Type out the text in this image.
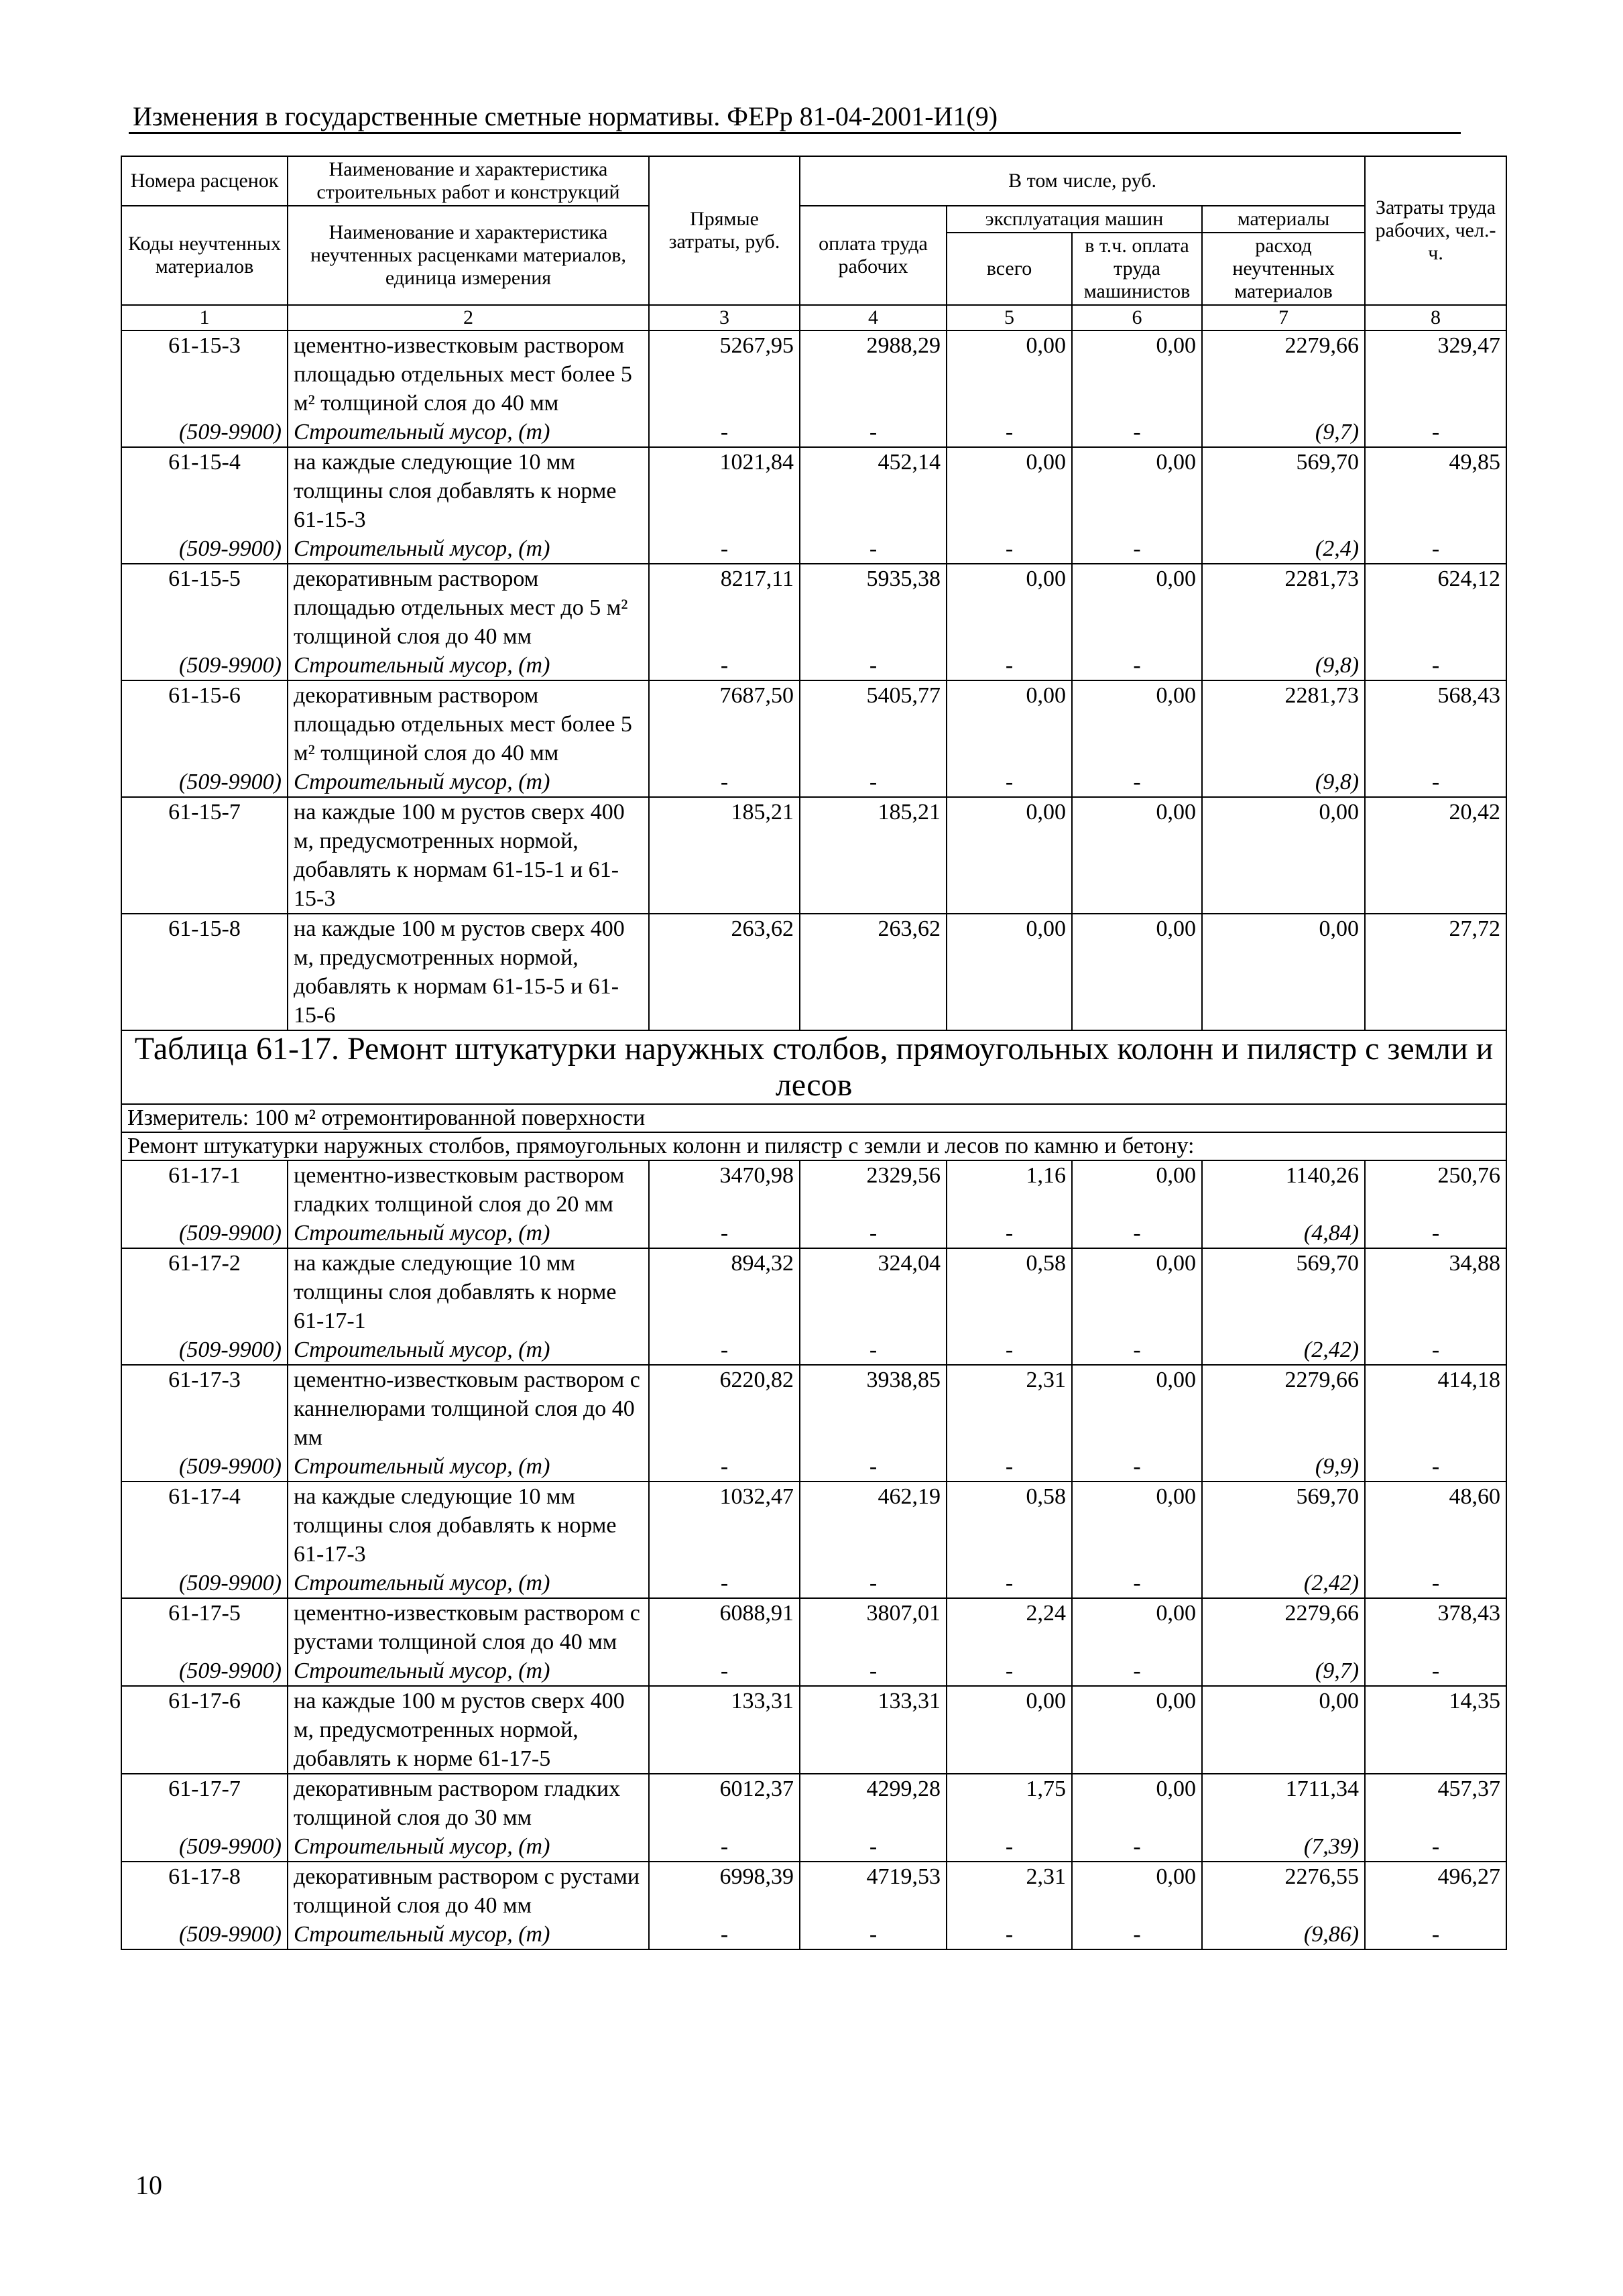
Изменения в государственные сметные нормативы. ФЕРр 81-04-2001-И1(9)
Номера расценок	Наименование и характеристика строительных работ и конструкций	Прямые затраты, руб.	В том числе, руб.				Затраты труда рабочих, чел.-ч.
Коды неучтенных материалов	Наименование и характеристика неучтенных расценками материалов, единица измерения		оплата труда рабочих	эксплуатация машин		материалы	
				всего	в т.ч. оплата труда машинистов	расход неучтенных материалов	

1	2	3	4	5	6	7	8
61-15-3	цементно-известковым раствором площадью отдельных мест более 5 м² толщиной слоя до 40 мм	5267,95	2988,29	0,00	0,00	2279,66	329,47
(509-9900)	Строительный мусор, (т)	-	-	-	-	(9,7)	-
61-15-4	на каждые следующие 10 мм толщины слоя добавлять к норме 61-15-3	1021,84	452,14	0,00	0,00	569,70	49,85
(509-9900)	Строительный мусор, (т)	-	-	-	-	(2,4)	-
61-15-5	декоративным раствором площадью отдельных мест до 5 м² толщиной слоя до 40 мм	8217,11	5935,38	0,00	0,00	2281,73	624,12
(509-9900)	Строительный мусор, (т)	-	-	-	-	(9,8)	-
61-15-6	декоративным раствором площадью отдельных мест более 5 м² толщиной слоя до 40 мм	7687,50	5405,77	0,00	0,00	2281,73	568,43
(509-9900)	Строительный мусор, (т)	-	-	-	-	(9,8)	-
61-15-7	на каждые 100 м рустов сверх 400 м, предусмотренных нормой, добавлять к нормам 61-15-1 и 61-15-3	185,21	185,21	0,00	0,00	0,00	20,42
61-15-8	на каждые 100 м рустов сверх 400 м, предусмотренных нормой, добавлять к нормам 61-15-5 и 61-15-6	263,62	263,62	0,00	0,00	0,00	27,72
Таблица 61-17. Ремонт штукатурки наружных столбов, прямоугольных колонн и пилястр с земли и лесов							
Измеритель: 100 м² отремонтированной поверхности							
Ремонт штукатурки наружных столбов, прямоугольных колонн и пилястр с земли и лесов по камню и бетону:							
61-17-1	цементно-известковым раствором гладких толщиной слоя до 20 мм	3470,98	2329,56	1,16	0,00	1140,26	250,76
(509-9900)	Строительный мусор, (т)	-	-	-	-	(4,84)	-
61-17-2	на каждые следующие 10 мм толщины слоя добавлять к норме 61-17-1	894,32	324,04	0,58	0,00	569,70	34,88
(509-9900)	Строительный мусор, (т)	-	-	-	-	(2,42)	-
61-17-3	цементно-известковым раствором с каннелюрами толщиной слоя до 40 мм	6220,82	3938,85	2,31	0,00	2279,66	414,18
(509-9900)	Строительный мусор, (т)	-	-	-	-	(9,9)	-
61-17-4	на каждые следующие 10 мм толщины слоя добавлять к норме 61-17-3	1032,47	462,19	0,58	0,00	569,70	48,60
(509-9900)	Строительный мусор, (т)	-	-	-	-	(2,42)	-
61-17-5	цементно-известковым раствором с рустами толщиной слоя до 40 мм	6088,91	3807,01	2,24	0,00	2279,66	378,43
(509-9900)	Строительный мусор, (т)	-	-	-	-	(9,7)	-
61-17-6	на каждые 100 м рустов сверх 400 м, предусмотренных нормой, добавлять к норме 61-17-5	133,31	133,31	0,00	0,00	0,00	14,35
61-17-7	декоративным раствором гладких толщиной слоя до 30 мм	6012,37	4299,28	1,75	0,00	1711,34	457,37
(509-9900)	Строительный мусор, (т)	-	-	-	-	(7,39)	-
61-17-8	декоративным раствором с рустами толщиной слоя до 40 мм	6998,39	4719,53	2,31	0,00	2276,55	496,27
(509-9900)	Строительный мусор, (т)	-	-	-	-	(9,86)	-
10
